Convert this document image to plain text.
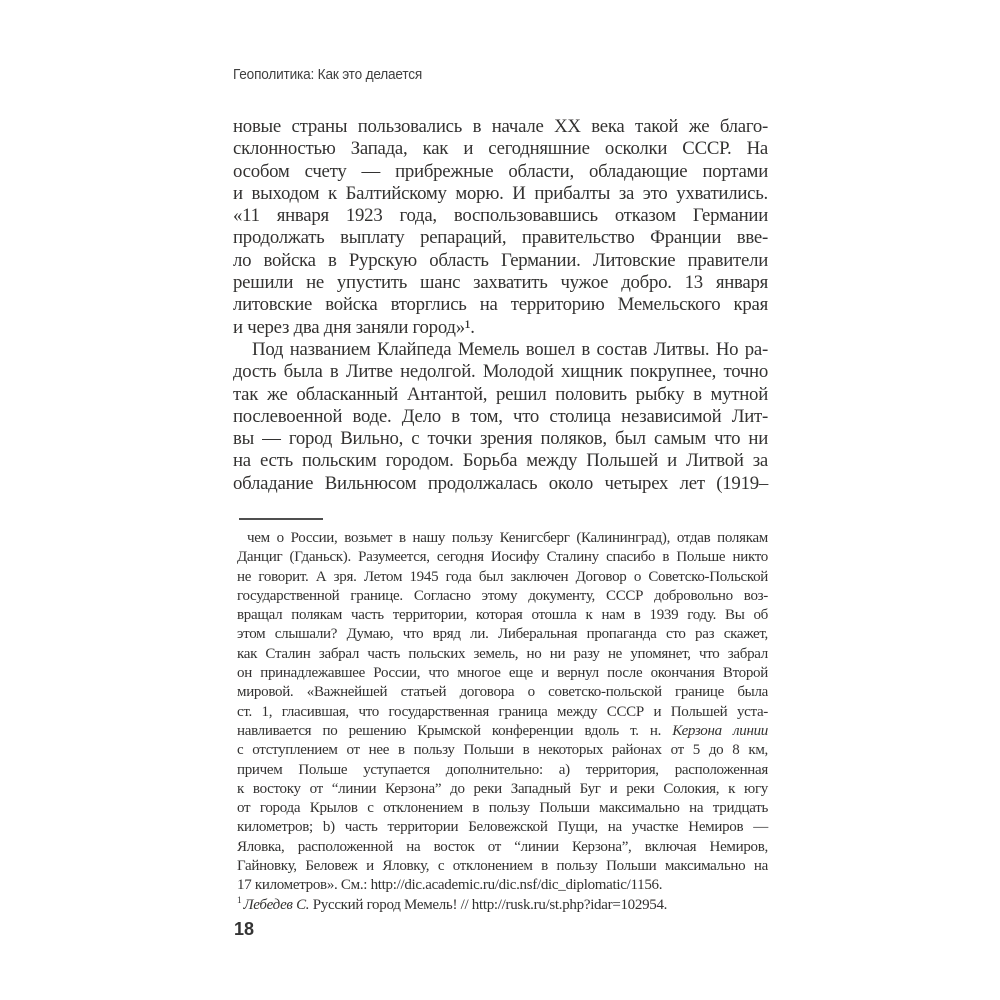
Геополитика: Как это делается
новые страны пользовались в начале XX века такой же благо-
склонностью Запада, как и сегодняшние осколки СССР. На
особом счету — прибрежные области, обладающие портами
и выходом к Балтийскому морю. И прибалты за это ухватились.
«11 января 1923 года, воспользовавшись отказом Германии
продолжать выплату репараций, правительство Франции вве-
ло войска в Рурскую область Германии. Литовские правители
решили не упустить шанс захватить чужое добро. 13 января
литовские войска вторглись на территорию Мемельского края
и через два дня заняли город»¹.
Под названием Клайпеда Мемель вошел в состав Литвы. Но ра-
дость была в Литве недолгой. Молодой хищник покрупнее, точно
так же обласканный Антантой, решил половить рыбку в мутной
послевоенной воде. Дело в том, что столица независимой Лит-
вы — город Вильно, с точки зрения поляков, был самым что ни
на есть польским городом. Борьба между Польшей и Литвой за
обладание Вильнюсом продолжалась около четырех лет (1919–
чем о России, возьмет в нашу пользу Кенигсберг (Калининград), отдав полякам
Данциг (Гданьск). Разумеется, сегодня Иосифу Сталину спасибо в Польше никто
не говорит. А зря. Летом 1945 года был заключен Договор о Советско-Польской
государственной границе. Согласно этому документу, СССР добровольно воз-
вращал полякам часть территории, которая отошла к нам в 1939 году. Вы об
этом слышали? Думаю, что вряд ли. Либеральная пропаганда сто раз скажет,
как Сталин забрал часть польских земель, но ни разу не упомянет, что забрал
он принадлежавшее России, что многое еще и вернул после окончания Второй
мировой. «Важнейшей статьей договора о советско-польской границе была
ст. 1, гласившая, что государственная граница между СССР и Польшей уста-
навливается по решению Крымской конференции вдоль т. н. Керзона линии
с отступлением от нее в пользу Польши в некоторых районах от 5 до 8 км,
причем Польше уступается дополнительно: а) территория, расположенная
к востоку от “линии Керзона” до реки Западный Буг и реки Солокия, к югу
от города Крылов с отклонением в пользу Польши максимально на тридцать
километров; b) часть территории Беловежской Пущи, на участке Немиров —
Яловка, расположенной на восток от “линии Керзона”, включая Немиров,
Гайновку, Беловеж и Яловку, с отклонением в пользу Польши максимально на
17 километров». См.: http://dic.academic.ru/dic.nsf/dic_diplomatic/1156.
$^1$ Лебедев С. Русский город Мемель! // http://rusk.ru/st.php?idar=102954.
18
